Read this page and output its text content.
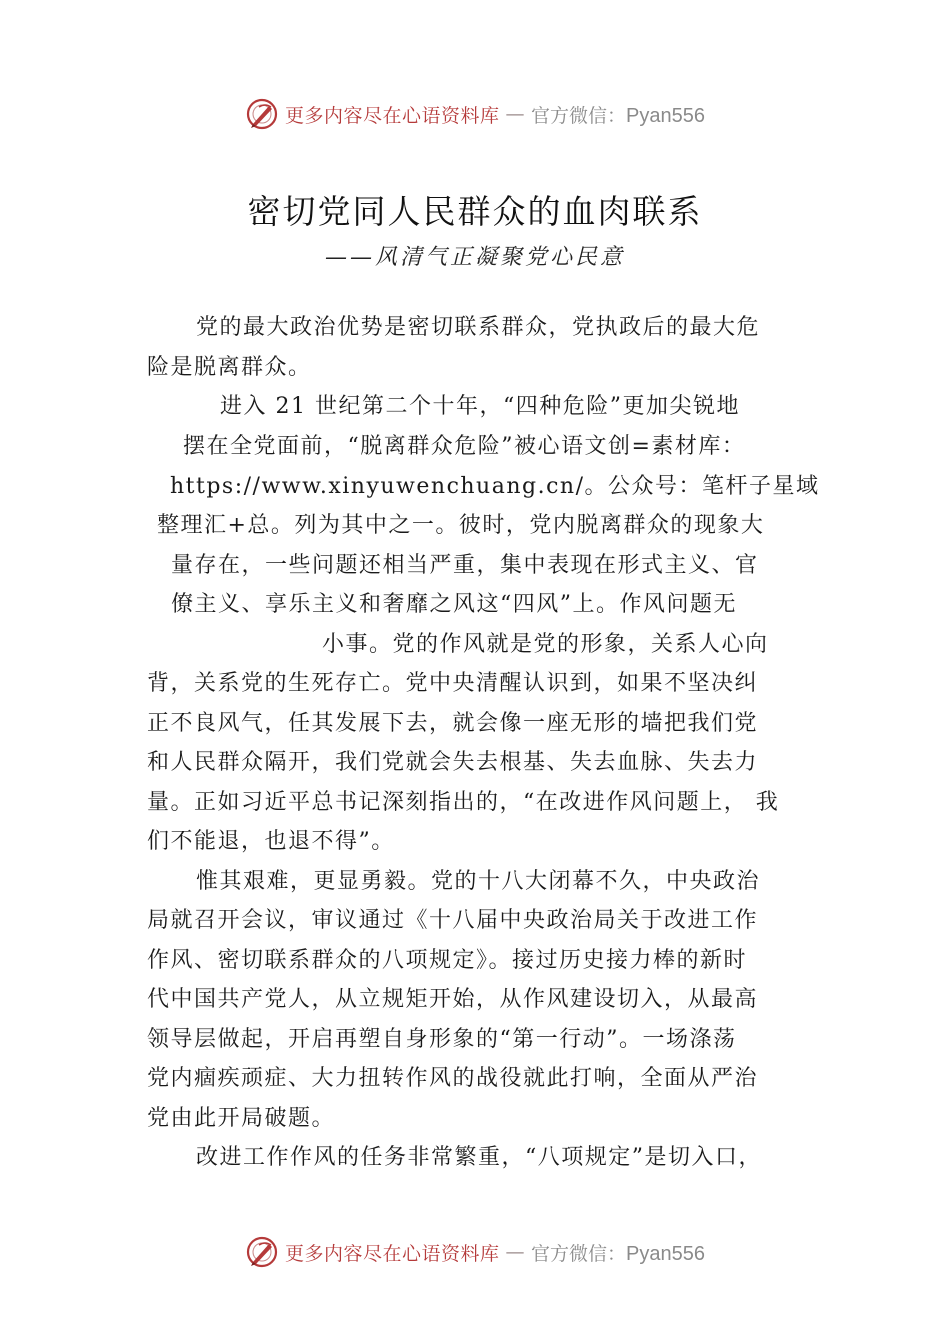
更多内容尽在心语资料库 — 官方微信：Pyan556
密切党同人民群众的血肉联系
——风清气正凝聚党心民意
党的最大政治优势是密切联系群众，党执政后的最大危
险是脱离群众。
进入 21 世纪第二个十年，“四种危险”更加尖锐地
摆在全党面前，“脱离群众危险”被心语文创=素材库：
https://www.xinyuwenchuang.cn/。公众号：笔杆子星域
整理汇+总。列为其中之一。彼时，党内脱离群众的现象大
量存在，一些问题还相当严重，集中表现在形式主义、官
僚主义、享乐主义和奢靡之风这“四风”上。作风问题无
小事。党的作风就是党的形象，关系人心向
背，关系党的生死存亡。党中央清醒认识到，如果不坚决纠
正不良风气，任其发展下去，就会像一座无形的墙把我们党
和人民群众隔开，我们党就会失去根基、失去血脉、失去力
量。正如习近平总书记深刻指出的，“在改进作风问题上， 我
们不能退，也退不得”。
惟其艰难，更显勇毅。党的十八大闭幕不久，中央政治
局就召开会议，审议通过《十八届中央政治局关于改进工作
作风、密切联系群众的八项规定》。接过历史接力棒的新时
代中国共产党人，从立规矩开始，从作风建设切入，从最高
领导层做起，开启再塑自身形象的“第一行动”。一场涤荡
党内痼疾顽症、大力扭转作风的战役就此打响，全面从严治
党由此开局破题。
改进工作作风的任务非常繁重，“八项规定”是切入口，
更多内容尽在心语资料库 — 官方微信：Pyan556
